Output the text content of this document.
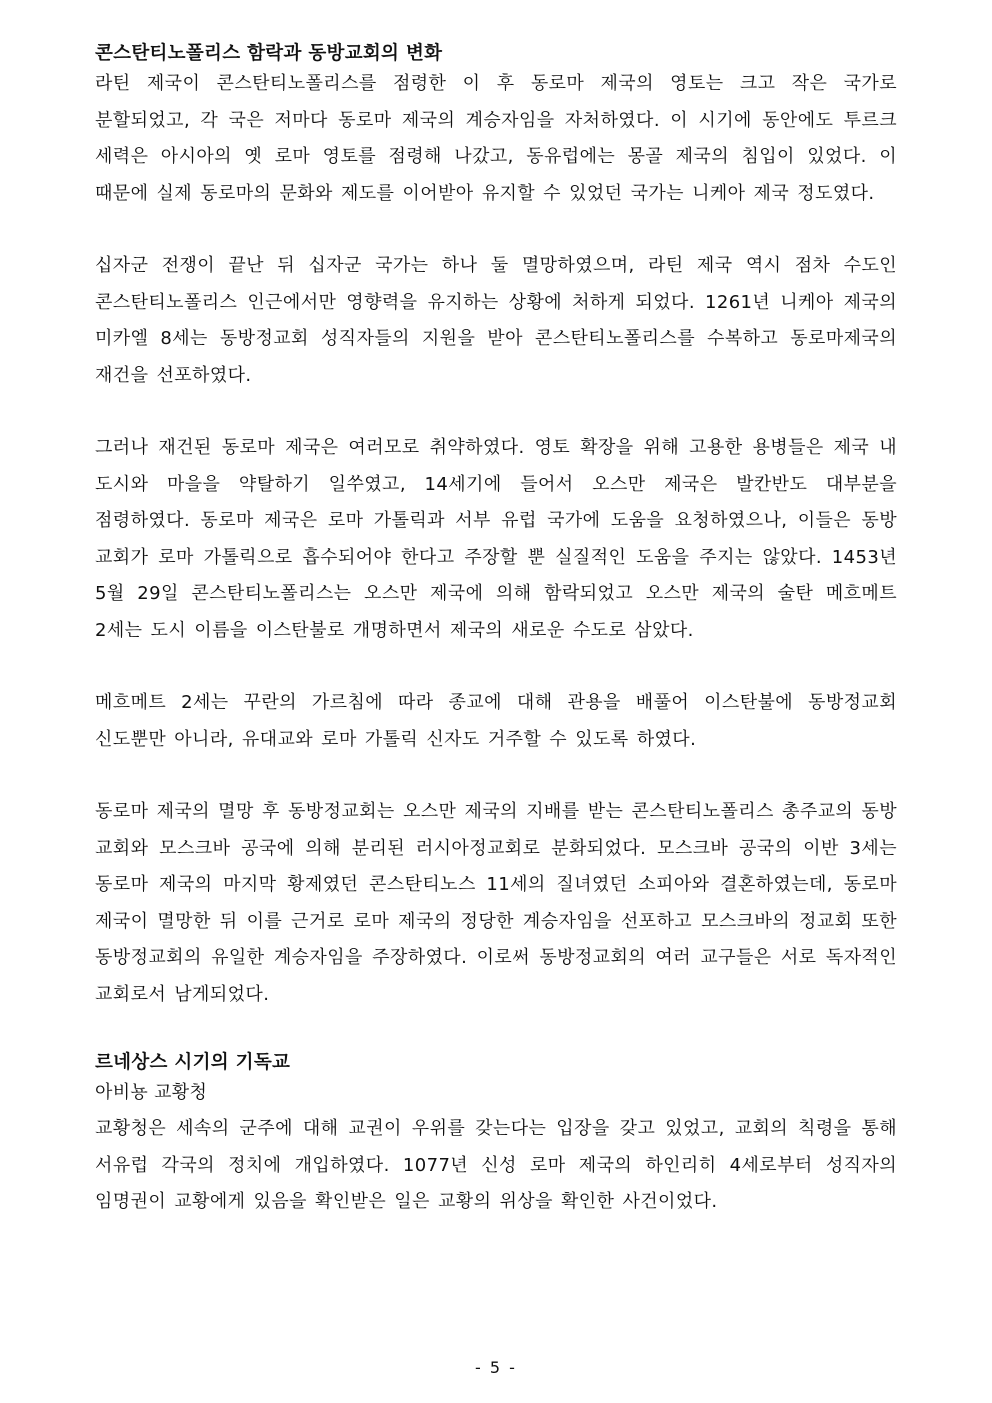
콘스탄티노폴리스 함락과 동방교회의 변화

라틴 제국이 콘스탄티노폴리스를 점령한 이 후 동로마 제국의 영토는 크고 작은 국가로 분할되었고, 각 국은 저마다 동로마 제국의 계승자임을 자처하였다. 이 시기에 동안에도 투르크 세력은 아시아의 옛 로마 영토를 점령해 나갔고, 동유럽에는 몽골 제국의 침입이 있었다. 이 때문에 실제 동로마의 문화와 제도를 이어받아 유지할 수 있었던 국가는 니케아 제국 정도였다.

십자군 전쟁이 끝난 뒤 십자군 국가는 하나 둘 멸망하였으며, 라틴 제국 역시 점차 수도인 콘스탄티노폴리스 인근에서만 영향력을 유지하는 상황에 처하게 되었다. 1261년 니케아 제국의 미카엘 8세는 동방정교회 성직자들의 지원을 받아 콘스탄티노폴리스를 수복하고 동로마제국의 재건을 선포하였다.

그러나 재건된 동로마 제국은 여러모로 취약하였다. 영토 확장을 위해 고용한 용병들은 제국 내 도시와 마을을 약탈하기 일쑤였고, 14세기에 들어서 오스만 제국은 발칸반도 대부분을 점령하였다. 동로마 제국은 로마 가톨릭과 서부 유럽 국가에 도움을 요청하였으나, 이들은 동방 교회가 로마 가톨릭으로 흡수되어야 한다고 주장할 뿐 실질적인 도움을 주지는 않았다. 1453년 5월 29일 콘스탄티노폴리스는 오스만 제국에 의해 함락되었고 오스만 제국의 술탄 메흐메트 2세는 도시 이름을 이스탄불로 개명하면서 제국의 새로운 수도로 삼았다.

메흐메트 2세는 꾸란의 가르침에 따라 종교에 대해 관용을 배풀어 이스탄불에 동방정교회 신도뿐만 아니라, 유대교와 로마 가톨릭 신자도 거주할 수 있도록 하였다.

동로마 제국의 멸망 후 동방정교회는 오스만 제국의 지배를 받는 콘스탄티노폴리스 총주교의 동방 교회와 모스크바 공국에 의해 분리된 러시아정교회로 분화되었다. 모스크바 공국의 이반 3세는 동로마 제국의 마지막 황제였던 콘스탄티노스 11세의 질녀였던 소피아와 결혼하였는데, 동로마 제국이 멸망한 뒤 이를 근거로 로마 제국의 정당한 계승자임을 선포하고 모스크바의 정교회 또한 동방정교회의 유일한 계승자임을 주장하였다. 이로써 동방정교회의 여러 교구들은 서로 독자적인 교회로서 남게되었다.

르네상스 시기의 기독교

아비뇽 교황청

교황청은 세속의 군주에 대해 교권이 우위를 갖는다는 입장을 갖고 있었고, 교회의 칙령을 통해 서유럽 각국의 정치에 개입하였다. 1077년 신성 로마 제국의 하인리히 4세로부터 성직자의 임명권이 교황에게 있음을 확인받은 일은 교황의 위상을 확인한 사건이었다.

- 5 -
